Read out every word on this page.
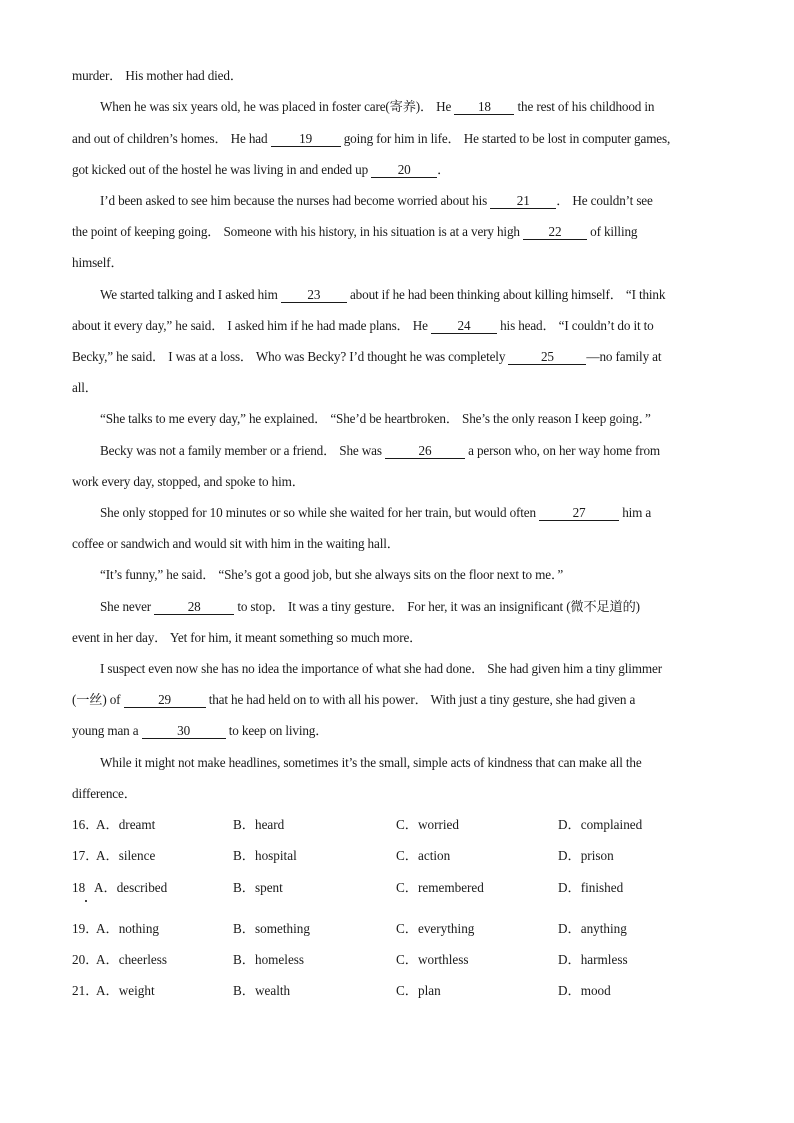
murder． His mother had died．
When he was six years old, he was placed in foster care(寄养)． He 18 the rest of his childhood in
and out of children’s homes． He had 19 going for him in life． He started to be lost in computer games,
got kicked out of the hostel he was living in and ended up 20 ．
I’d been asked to see him because the nurses had become worried about his 21 ． He couldn’t see
the point of keeping going． Someone with his history, in his situation is at a very high 22 of killing
himself．
We started talking and I asked him 23 about if he had been thinking about killing himself． “I think
about it every day,” he said． I asked him if he had made plans． He 24 his head． “I couldn’t do it to
Becky,” he said． I was at a loss． Who was Becky? I’d thought he was completely 25 —no family at
all．
“She talks to me every day,” he explained． “She’d be heartbroken． She’s the only reason I keep going．”
Becky was not a family member or a friend． She was	26	a person who, on her way home from
work every day, stopped, and spoke to him．
She only stopped for 10 minutes or so while she waited for her train, but would often	27	him a
coffee or sandwich and would sit with him in the waiting hall．
“It’s funny,” he said． “She’s got a good job, but she always sits on the floor next to me．”
She never	28	to stop． It was a tiny gesture． For her, it was an insignificant (微不足道的)
event in her day． Yet for him, it meant something so much more．
I suspect even now she has no idea the importance of what she had done． She had given him a tiny glimmer
(一丝) of	29	that he had held on to with all his power． With just a tiny gesture, she had given a
young man a	30	to keep on living．
While it might not make headlines, sometimes it’s the small, simple acts of kindness that can make all the
difference．
16．
A．dreamt	B．heard	C．worried	D．complained
17．
A．silence	B．hospital	C．action	D．prison
18 A．described	B．spent	C．remembered	D．finished
19．
A．nothing	B．something	C．everything	D．anything
20．
A．cheerless	B．homeless	C．worthless	D．harmless
21．
A．weight	B．wealth	C．plan	D．mood
